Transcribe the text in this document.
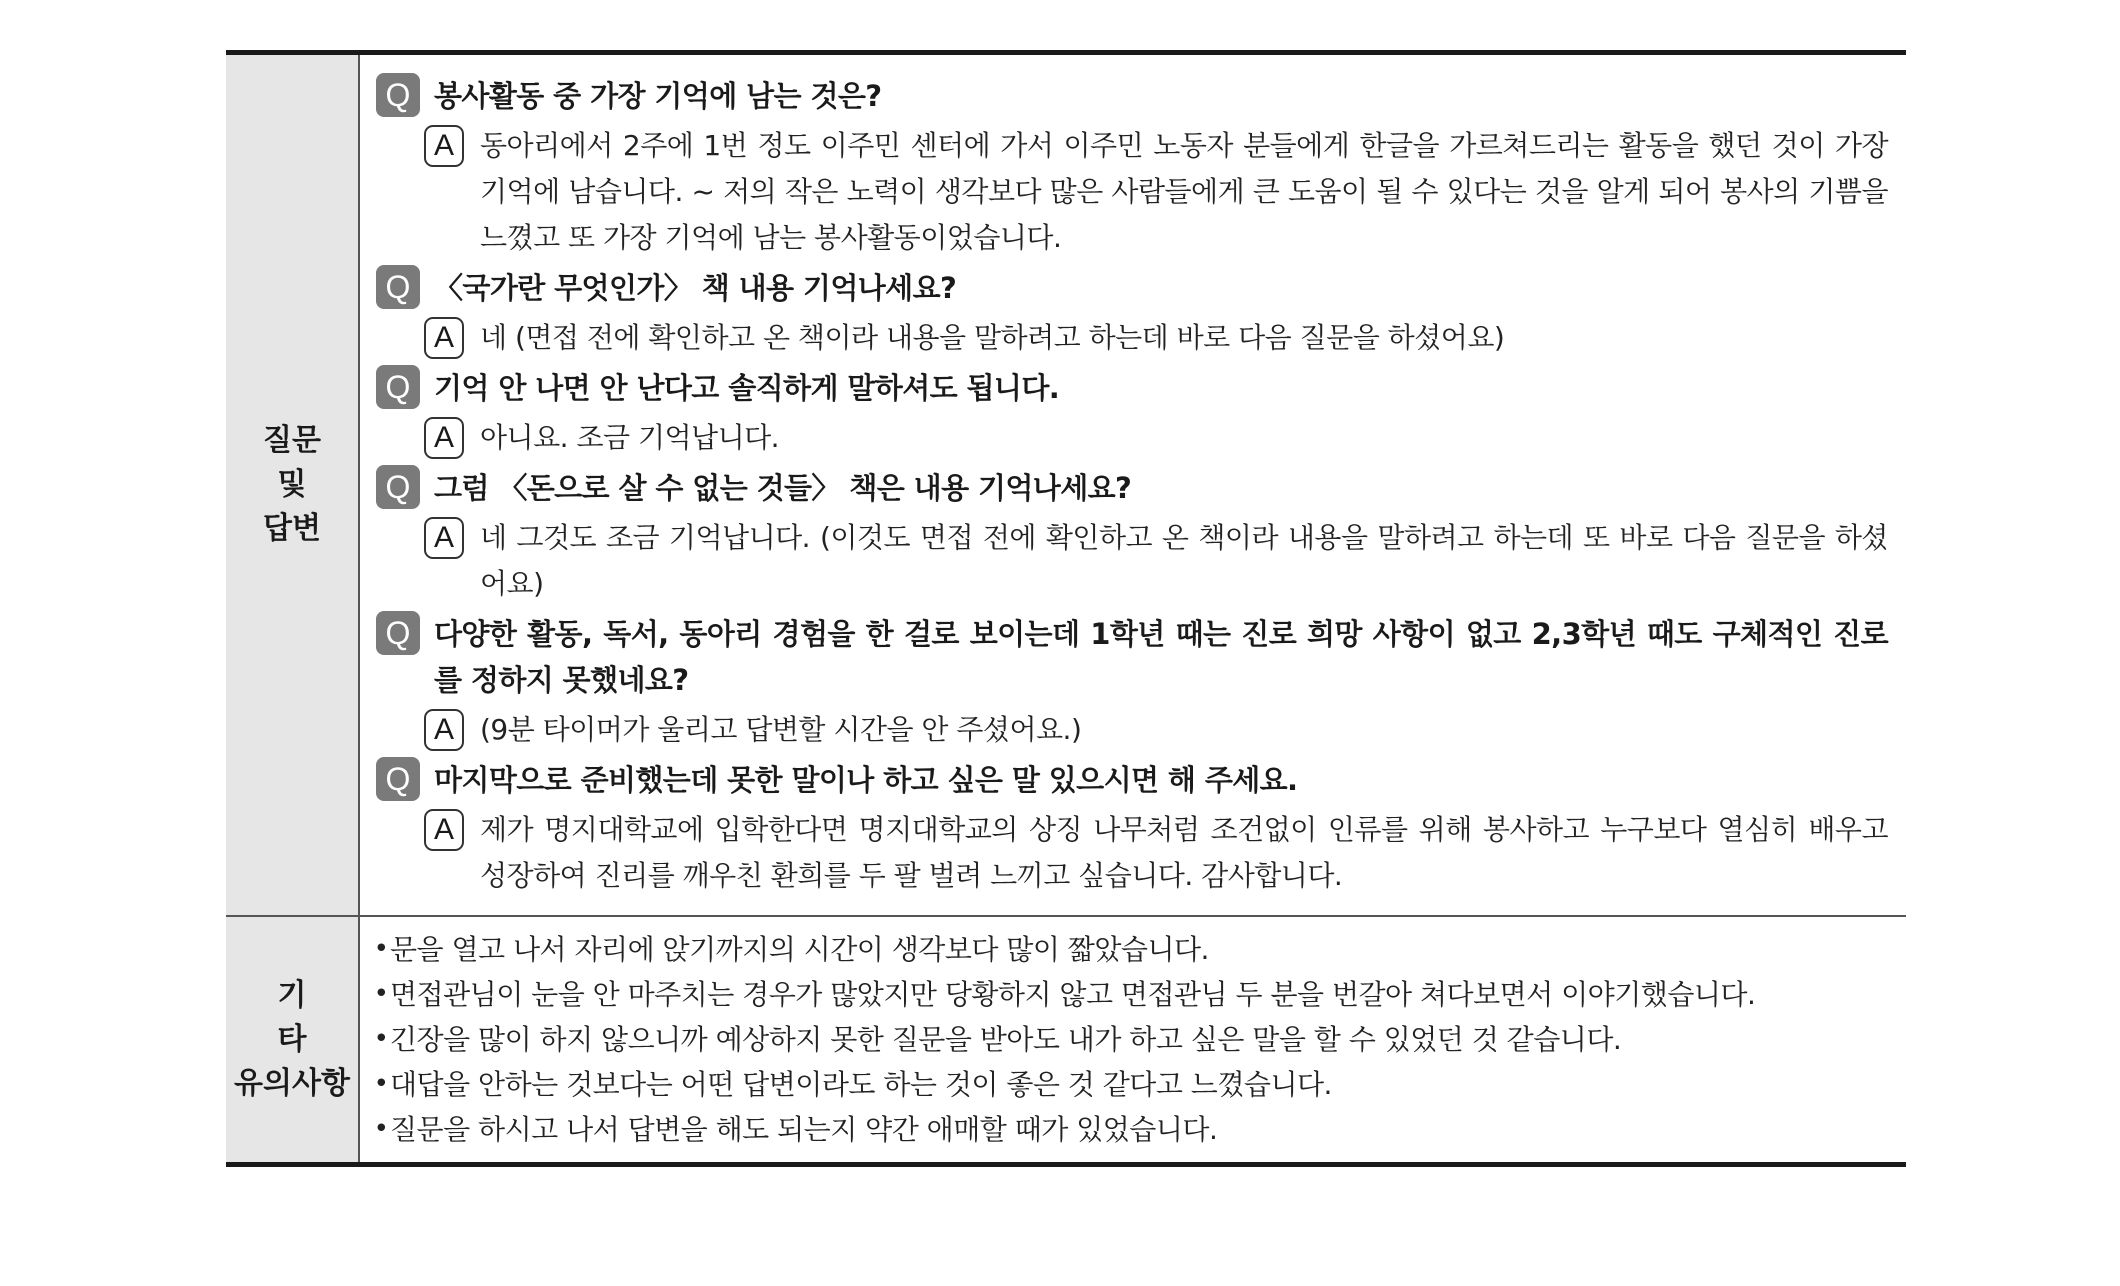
질문
및
답변
Q 봉사활동 중 가장 기억에 남는 것은?
A 동아리에서 2주에 1번 정도 이주민 센터에 가서 이주민 노동자 분들에게 한글을 가르쳐드리는 활동을 했던 것이 가장 기억에 남습니다. ~ 저의 작은 노력이 생각보다 많은 사람들에게 큰 도움이 될 수 있다는 것을 알게 되어 봉사의 기쁨을 느꼈고 또 가장 기억에 남는 봉사활동이었습니다.
Q 〈국가란 무엇인가〉 책 내용 기억나세요?
A 네 (면접 전에 확인하고 온 책이라 내용을 말하려고 하는데 바로 다음 질문을 하셨어요)
Q 기억 안 나면 안 난다고 솔직하게 말하셔도 됩니다.
A 아니요. 조금 기억납니다.
Q 그럼 〈돈으로 살 수 없는 것들〉 책은 내용 기억나세요?
A 네 그것도 조금 기억납니다. (이것도 면접 전에 확인하고 온 책이라 내용을 말하려고 하는데 또 바로 다음 질문을 하셨어요)
Q 다양한 활동, 독서, 동아리 경험을 한 걸로 보이는데 1학년 때는 진로 희망 사항이 없고 2,3학년 때도 구체적인 진로를 정하지 못했네요?
A (9분 타이머가 울리고 답변할 시간을 안 주셨어요.)
Q 마지막으로 준비했는데 못한 말이나 하고 싶은 말 있으시면 해 주세요.
A 제가 명지대학교에 입학한다면 명지대학교의 상징 나무처럼 조건없이 인류를 위해 봉사하고 누구보다 열심히 배우고 성장하여 진리를 깨우친 환희를 두 팔 벌려 느끼고 싶습니다. 감사합니다.
기
타
유의사항
• 문을 열고 나서 자리에 앉기까지의 시간이 생각보다 많이 짧았습니다.
• 면접관님이 눈을 안 마주치는 경우가 많았지만 당황하지 않고 면접관님 두 분을 번갈아 쳐다보면서 이야기했습니다.
• 긴장을 많이 하지 않으니까 예상하지 못한 질문을 받아도 내가 하고 싶은 말을 할 수 있었던 것 같습니다.
• 대답을 안하는 것보다는 어떤 답변이라도 하는 것이 좋은 것 같다고 느꼈습니다.
• 질문을 하시고 나서 답변을 해도 되는지 약간 애매할 때가 있었습니다.
